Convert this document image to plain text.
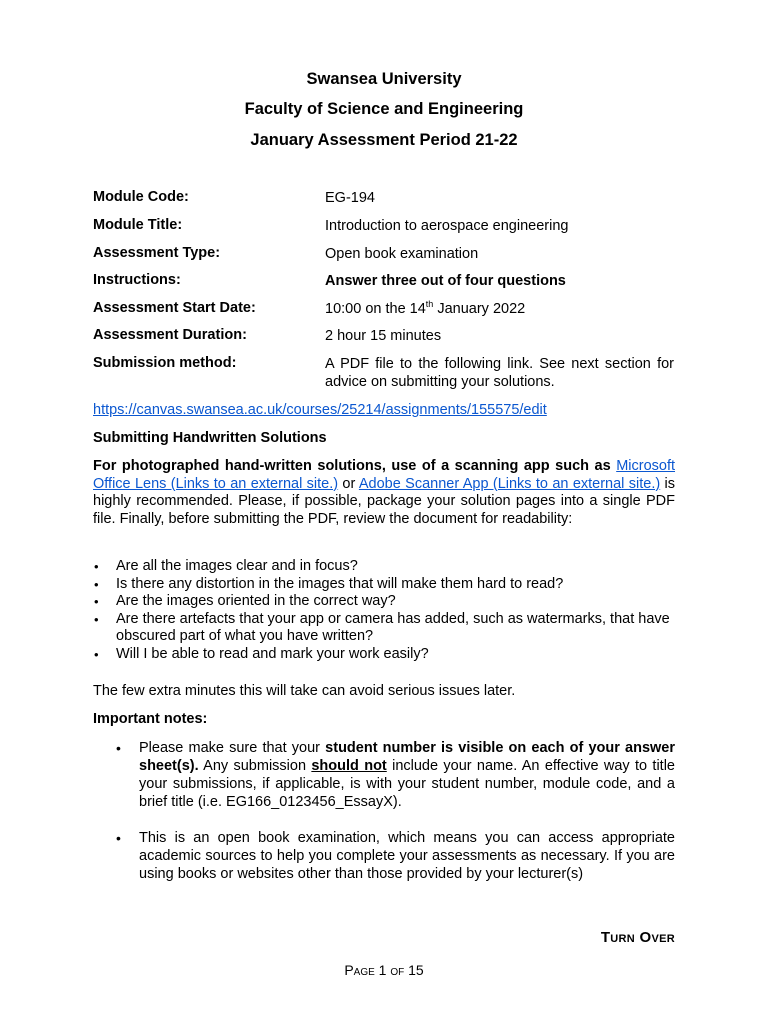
Swansea University
Faculty of Science and Engineering
January Assessment Period 21-22
Module Code:	EG-194
Module Title:	Introduction to aerospace engineering
Assessment Type:	Open book examination
Instructions:	Answer three out of four questions
Assessment Start Date:	10:00 on the 14th January 2022
Assessment Duration:	2 hour 15 minutes
Submission method:	A PDF file to the following link. See next section for advice on submitting your solutions.
https://canvas.swansea.ac.uk/courses/25214/assignments/155575/edit
Submitting Handwritten Solutions
For photographed hand-written solutions, use of a scanning app such as Microsoft Office Lens (Links to an external site.) or Adobe Scanner App (Links to an external site.) is highly recommended. Please, if possible, package your solution pages into a single PDF file. Finally, before submitting the PDF, review the document for readability:
• Are all the images clear and in focus?
• Is there any distortion in the images that will make them hard to read?
• Are the images oriented in the correct way?
• Are there artefacts that your app or camera has added, such as watermarks, that have obscured part of what you have written?
• Will I be able to read and mark your work easily?
The few extra minutes this will take can avoid serious issues later.
Important notes:
• Please make sure that your student number is visible on each of your answer sheet(s). Any submission should not include your name. An effective way to title your submissions, if applicable, is with your student number, module code, and a brief title (i.e. EG166_0123456_EssayX).
• This is an open book examination, which means you can access appropriate academic sources to help you complete your assessments as necessary. If you are using books or websites other than those provided by your lecturer(s)
Turn Over
Page 1 of 15
